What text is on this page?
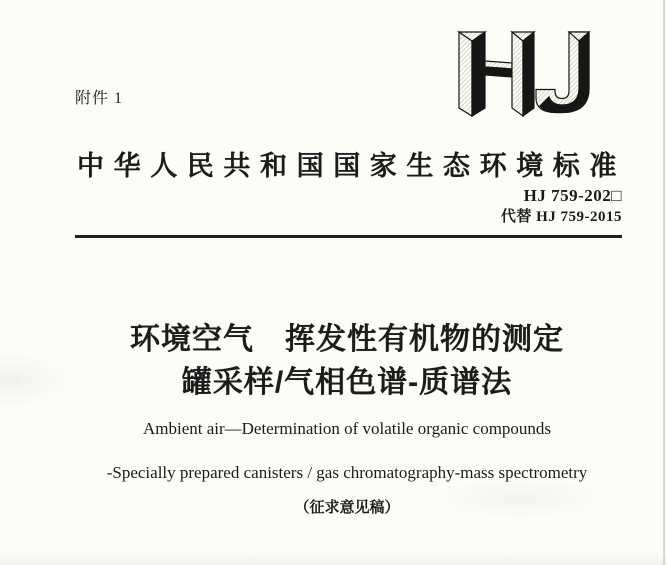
附件 1
中华人民共和国国家生态环境标准
HJ 759-202□
代替 HJ 759-2015
环境空气　挥发性有机物的测定
罐采样/气相色谱-质谱法
Ambient air—Determination of volatile organic compounds
-Specially prepared canisters / gas chromatography-mass spectrometry
（征求意见稿）
